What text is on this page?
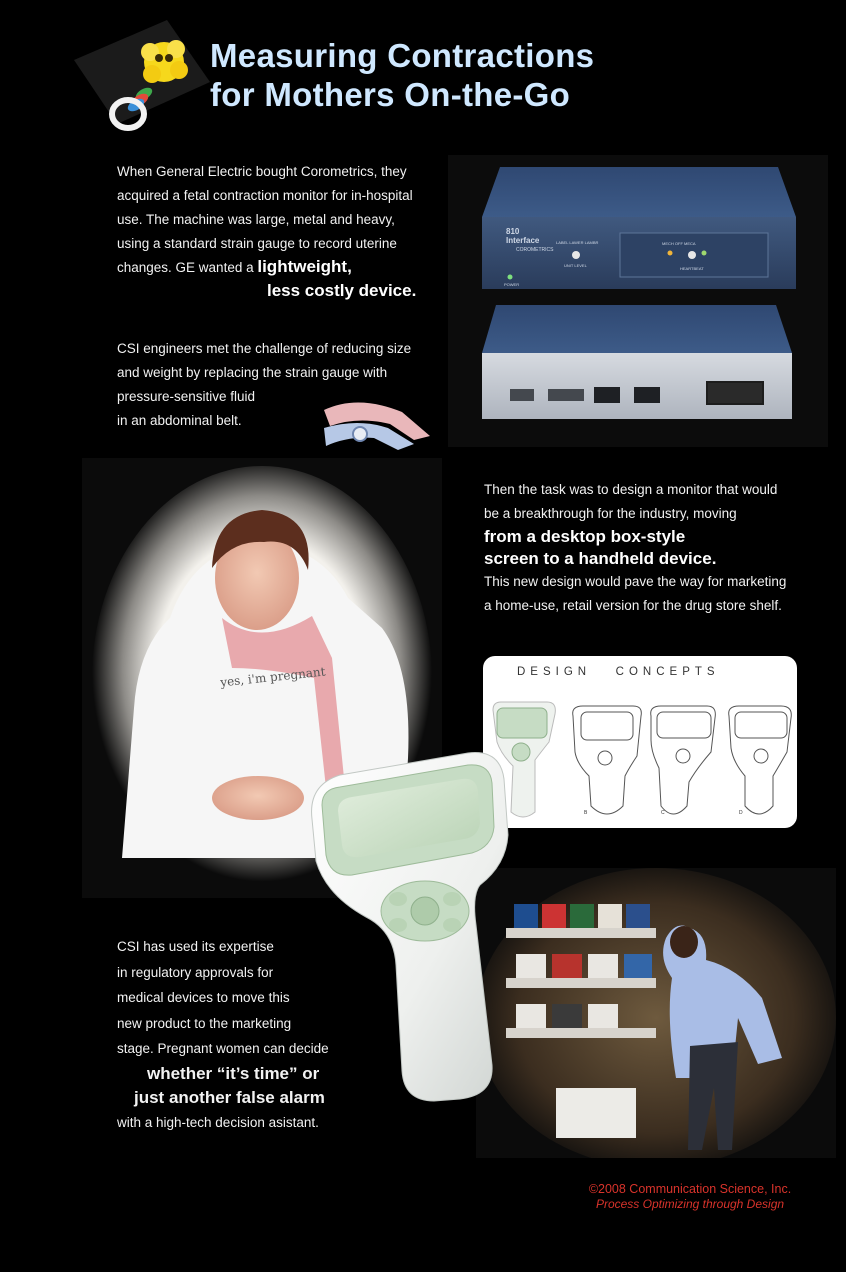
Measuring Contractions
for Mothers On-the-Go
When General Electric bought Corometrics, they
acquired a fetal contraction monitor for in-hospital
use. The machine was large, metal and heavy,
using a standard strain gauge to record uterine
changes. GE wanted a lightweight,
less costly device.
810
Interface
COROMETRICS
POWER
LABEL LAWER LAMBR
UNIT LEVEL
MECH OFF MECA
HEARTBEAT
CSI engineers met the challenge of reducing size
and weight by replacing the strain gauge with
pressure-sensitive fluid
in an abdominal belt.
yes, i'm pregnant
Then the task was to design a monitor that would
be a breakthrough for the industry, moving
from a desktop box-style
screen to a handheld device.
This new design would pave the way for marketing
a home-use, retail version for the drug store shelf.
DESIGN   CONCEPTS
B	C	D
CSI has used its expertise
in regulatory approvals for
medical devices to move this
new product to the marketing
stage. Pregnant women can decide
whether “it’s time” or
just another false alarm
with a high-tech decision asistant.
©2008 Communication Science, Inc.
Process Optimizing through Design
